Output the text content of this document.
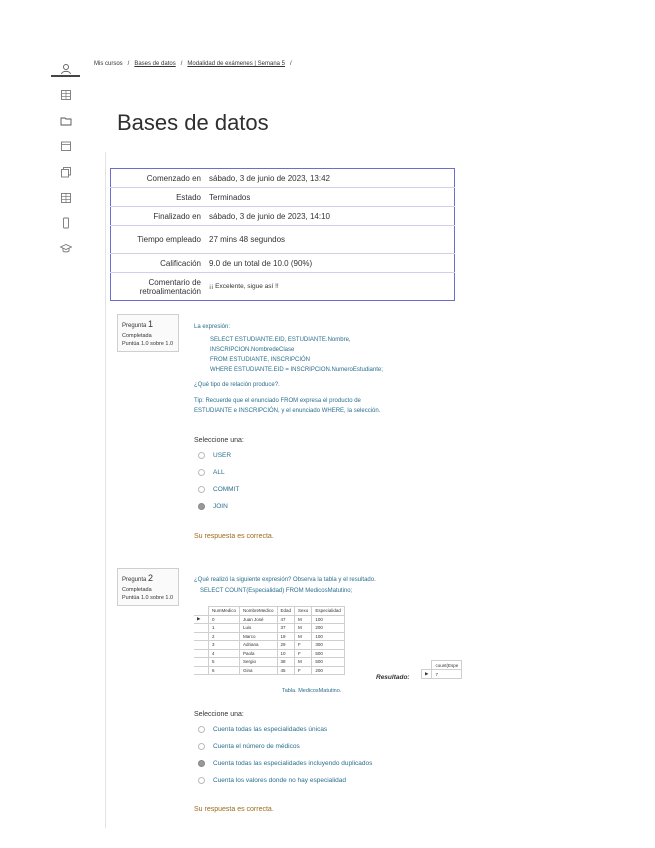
Mis cursos / Bases de datos / Modalidad de exámenes | Semana 5 /
Bases de datos
Comenzado en	sábado, 3 de junio de 2023, 13:42
Estado	Terminados
Finalizado en	sábado, 3 de junio de 2023, 14:10
Tiempo empleado	27 mins 48 segundos
Calificación	9.0 de un total de 10.0 (90%)
Comentario de retroalimentación	¡¡ Excelente, sigue así !!
Pregunta 1
Completada
Puntúa 1.0 sobre 1.0
La expresión:
SELECT ESTUDIANTE.EID, ESTUDIANTE.Nombre,
INSCRIPCION.NombredeClase
FROM ESTUDIANTE, INSCRIPCIÓN
WHERE ESTUDIANTE.EID = INSCRIPCION.NumeroEstudiante;
¿Qué tipo de relación produce?.
Tip: Recuerde que el enunciado FROM expresa el producto de
ESTUDIANTE e INSCRIPCIÓN, y el enunciado WHERE, la selección.
Seleccione una:
USER
ALL
COMMIT
JOIN
Su respuesta es correcta.
Pregunta 2
Completada
Puntúa 1.0 sobre 1.0
¿Qué realizó la siguiente expresión? Observa la tabla y el resultado.
SELECT COUNT(Especialidad) FROM MedicosMatutino;
	NumMedico	NombreMedico	Edad	Sexo	Especialidad
▶	0	Juan José	47	M	100
	1	Luis	37	M	200
	2	Marco	19	M	100
	3	Adriana	29	F	300
	4	Paola	10	F	500
	5	Sergio	38	M	500
	6	Gina	45	F	200
Resultado:
	count(Espe
▶	7
Tabla. MedicosMatutino.
Seleccione una:
Cuenta todas las especialidades únicas
Cuenta el número de médicos
Cuenta todas las especialidades incluyendo duplicados
Cuenta los valores donde no hay especialidad
Su respuesta es correcta.
